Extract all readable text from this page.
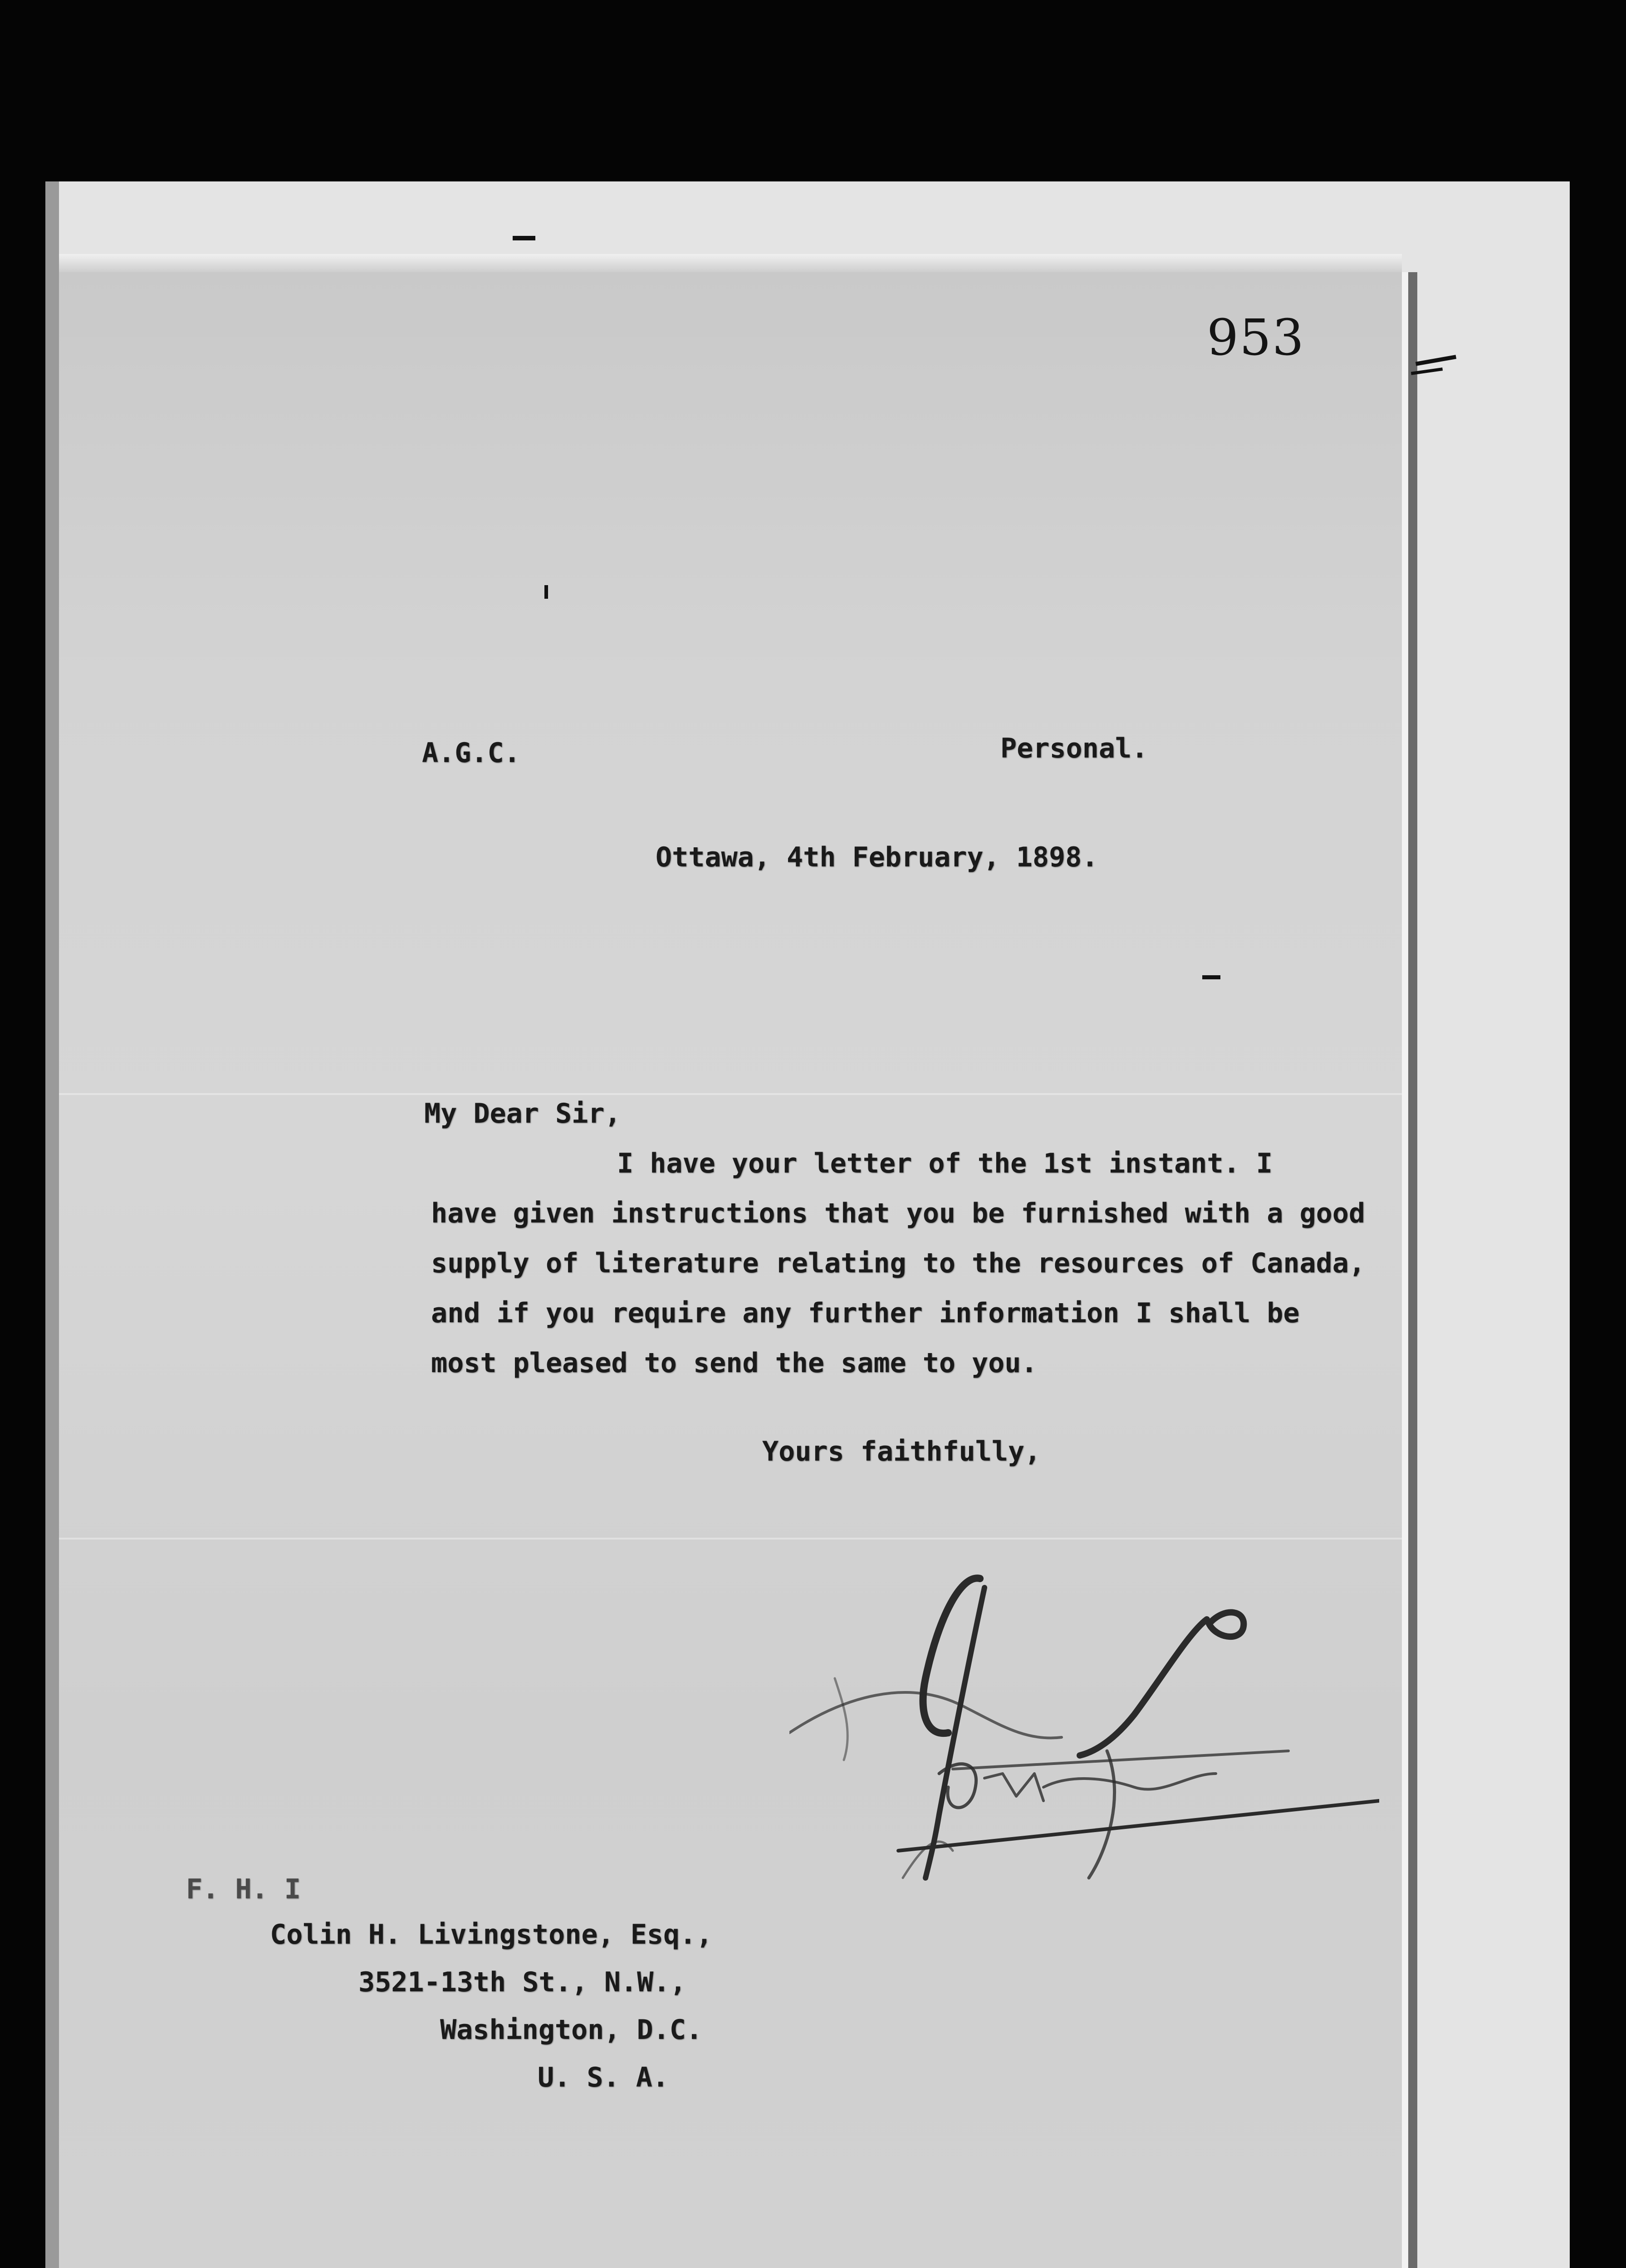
953
A.G.C.	Personal.
Ottawa, 4th February, 1898.
My Dear Sir,
I have your letter of the 1st instant. I
have given instructions that you be furnished with a good
supply of literature relating to the resources of Canada,
and if you require any further information I shall be
most pleased to send the same to you.
Yours faithfully,
F. H. I
Colin H. Livingstone, Esq.,
3521-13th St., N.W.,
Washington, D.C.
U. S. A.
